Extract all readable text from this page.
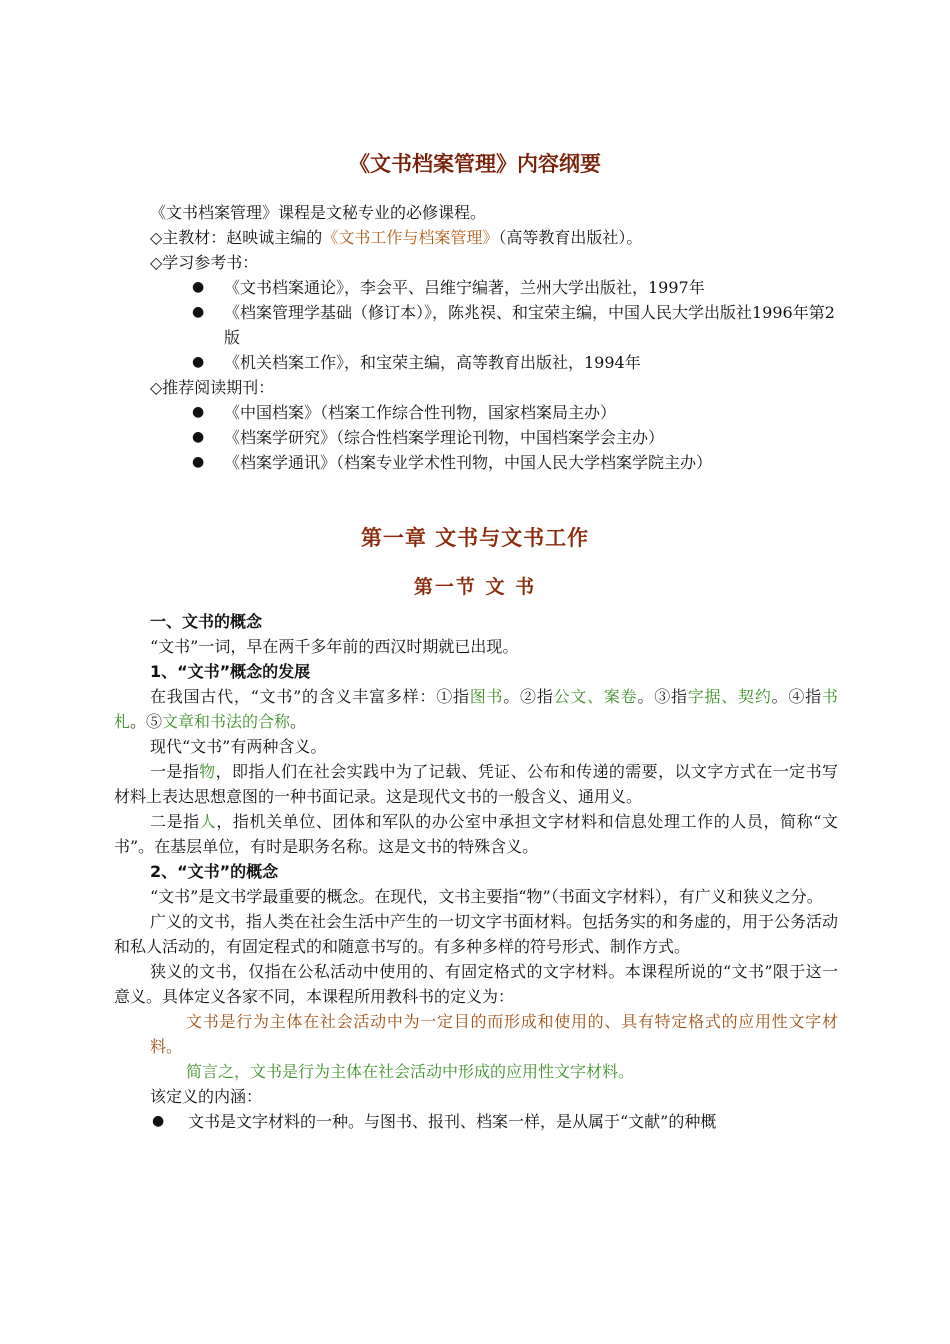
《文书档案管理》内容纲要
《文书档案管理》课程是文秘专业的必修课程。
◇主教材：赵映诚主编的《文书工作与档案管理》（高等教育出版社）。
◇学习参考书：
● 《文书档案通论》，李会平、吕维宁编著，兰州大学出版社，1997年
● 《档案管理学基础（修订本）》，陈兆祦、和宝荣主编，中国人民大学出版社1996年第2版
● 《机关档案工作》，和宝荣主编，高等教育出版社，1994年
◇推荐阅读期刊：
● 《中国档案》（档案工作综合性刊物，国家档案局主办）
● 《档案学研究》（综合性档案学理论刊物，中国档案学会主办）
● 《档案学通讯》（档案专业学术性刊物，中国人民大学档案学院主办）
第一章 文书与文书工作
第一节 文 书

一、文书的概念

“文书”一词，早在两千多年前的西汉时期就已出现。

1、“文书”概念的发展

在我国古代，“文书”的含义丰富多样：①指图书。②指公文、案卷。③指字据、契约。④指书札。⑤文章和书法的合称。

现代“文书”有两种含义。

一是指物，即指人们在社会实践中为了记载、凭证、公布和传递的需要，以文字方式在一定书写材料上表达思想意图的一种书面记录。这是现代文书的一般含义、通用义。

二是指人，指机关单位、团体和军队的办公室中承担文字材料和信息处理工作的人员，简称“文书”。在基层单位，有时是职务名称。这是文书的特殊含义。

2、“文书”的概念

“文书”是文书学最重要的概念。在现代，文书主要指“物”（书面文字材料），有广义和狭义之分。

广义的文书，指人类在社会生活中产生的一切文字书面材料。包括务实的和务虚的，用于公务活动和私人活动的，有固定程式的和随意书写的。有多种多样的符号形式、制作方式。

狭义的文书，仅指在公私活动中使用的、有固定格式的文字材料。本课程所说的“文书”限于这一意义。具体定义各家不同，本课程所用教科书的定义为：

文书是行为主体在社会活动中为一定目的而形成和使用的、具有特定格式的应用性文字材料。

简言之，文书是行为主体在社会活动中形成的应用性文字材料。

该定义的内涵：

● 文书是文字材料的一种。与图书、报刊、档案一样，是从属于“文献”的种概
